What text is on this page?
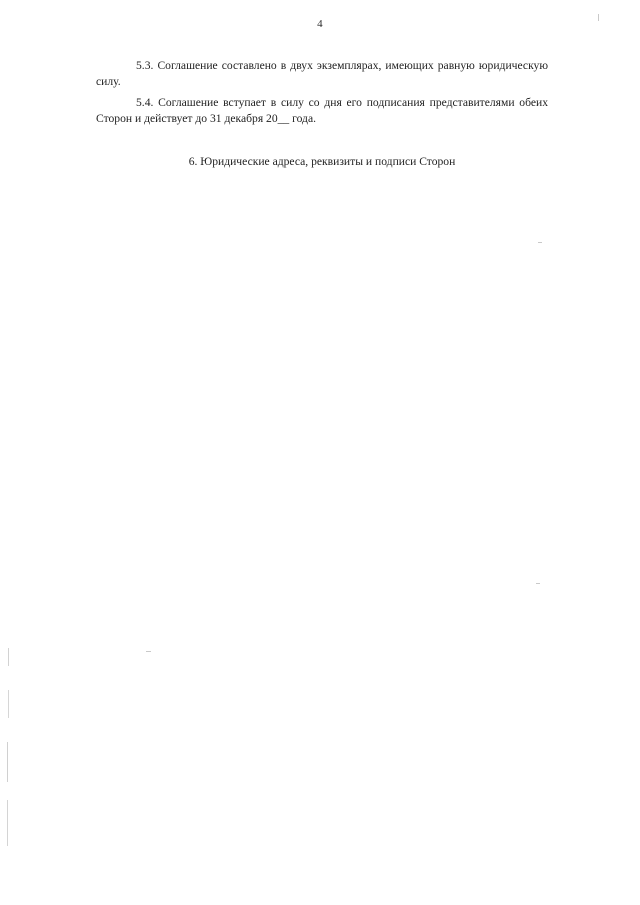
4

5.3. Соглашение составлено в двух экземплярах, имеющих равную юридическую силу.

5.4. Соглашение вступает в силу со дня его подписания представителями обеих Сторон и действует до 31 декабря 20__ года.

6. Юридические адреса, реквизиты и подписи Сторон
